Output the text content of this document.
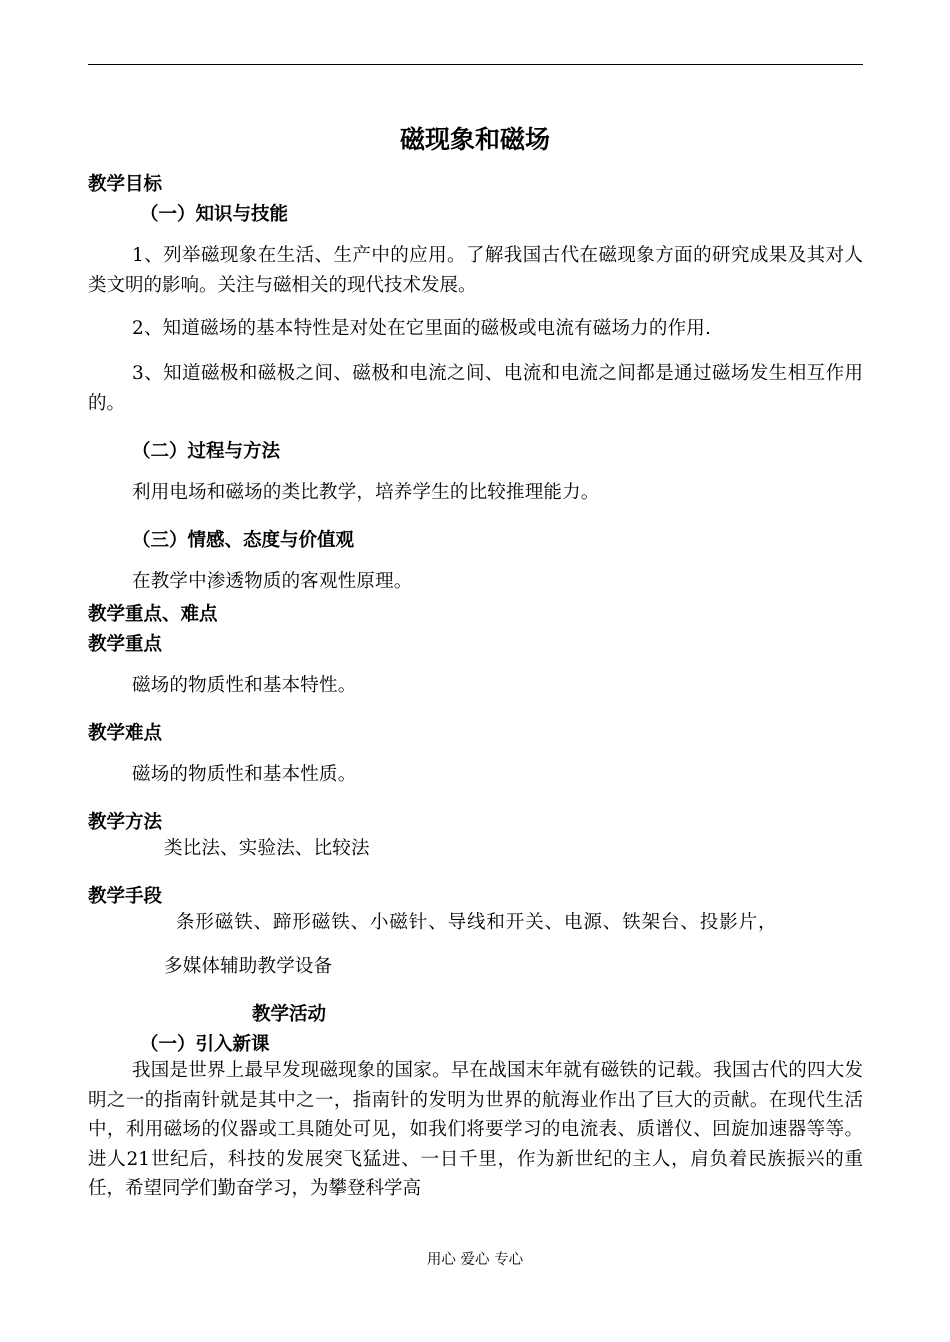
磁现象和磁场
教学目标
（一）知识与技能
1、列举磁现象在生活、生产中的应用。了解我国古代在磁现象方面的研究成果及其对人类文明的影响。关注与磁相关的现代技术发展。
2、知道磁场的基本特性是对处在它里面的磁极或电流有磁场力的作用.
3、知道磁极和磁极之间、磁极和电流之间、电流和电流之间都是通过磁场发生相互作用的。
（二）过程与方法
利用电场和磁场的类比教学，培养学生的比较推理能力。
（三）情感、态度与价值观
在教学中渗透物质的客观性原理。
教学重点、难点
教学重点
磁场的物质性和基本特性。
教学难点
磁场的物质性和基本性质。
教学方法
类比法、实验法、比较法
教学手段
条形磁铁、蹄形磁铁、小磁针、导线和开关、电源、铁架台、投影片，
多媒体辅助教学设备
教学活动
（一）引入新课
我国是世界上最早发现磁现象的国家。早在战国末年就有磁铁的记载。我国古代的四大发明之一的指南针就是其中之一，指南针的发明为世界的航海业作出了巨大的贡献。在现代生活中，利用磁场的仪器或工具随处可见，如我们将要学习的电流表、质谱仪、回旋加速器等等。进人21世纪后，科技的发展突飞猛进、一日千里，作为新世纪的主人，肩负着民族振兴的重任，希望同学们勤奋学习，为攀登科学高
用心 爱心 专心
